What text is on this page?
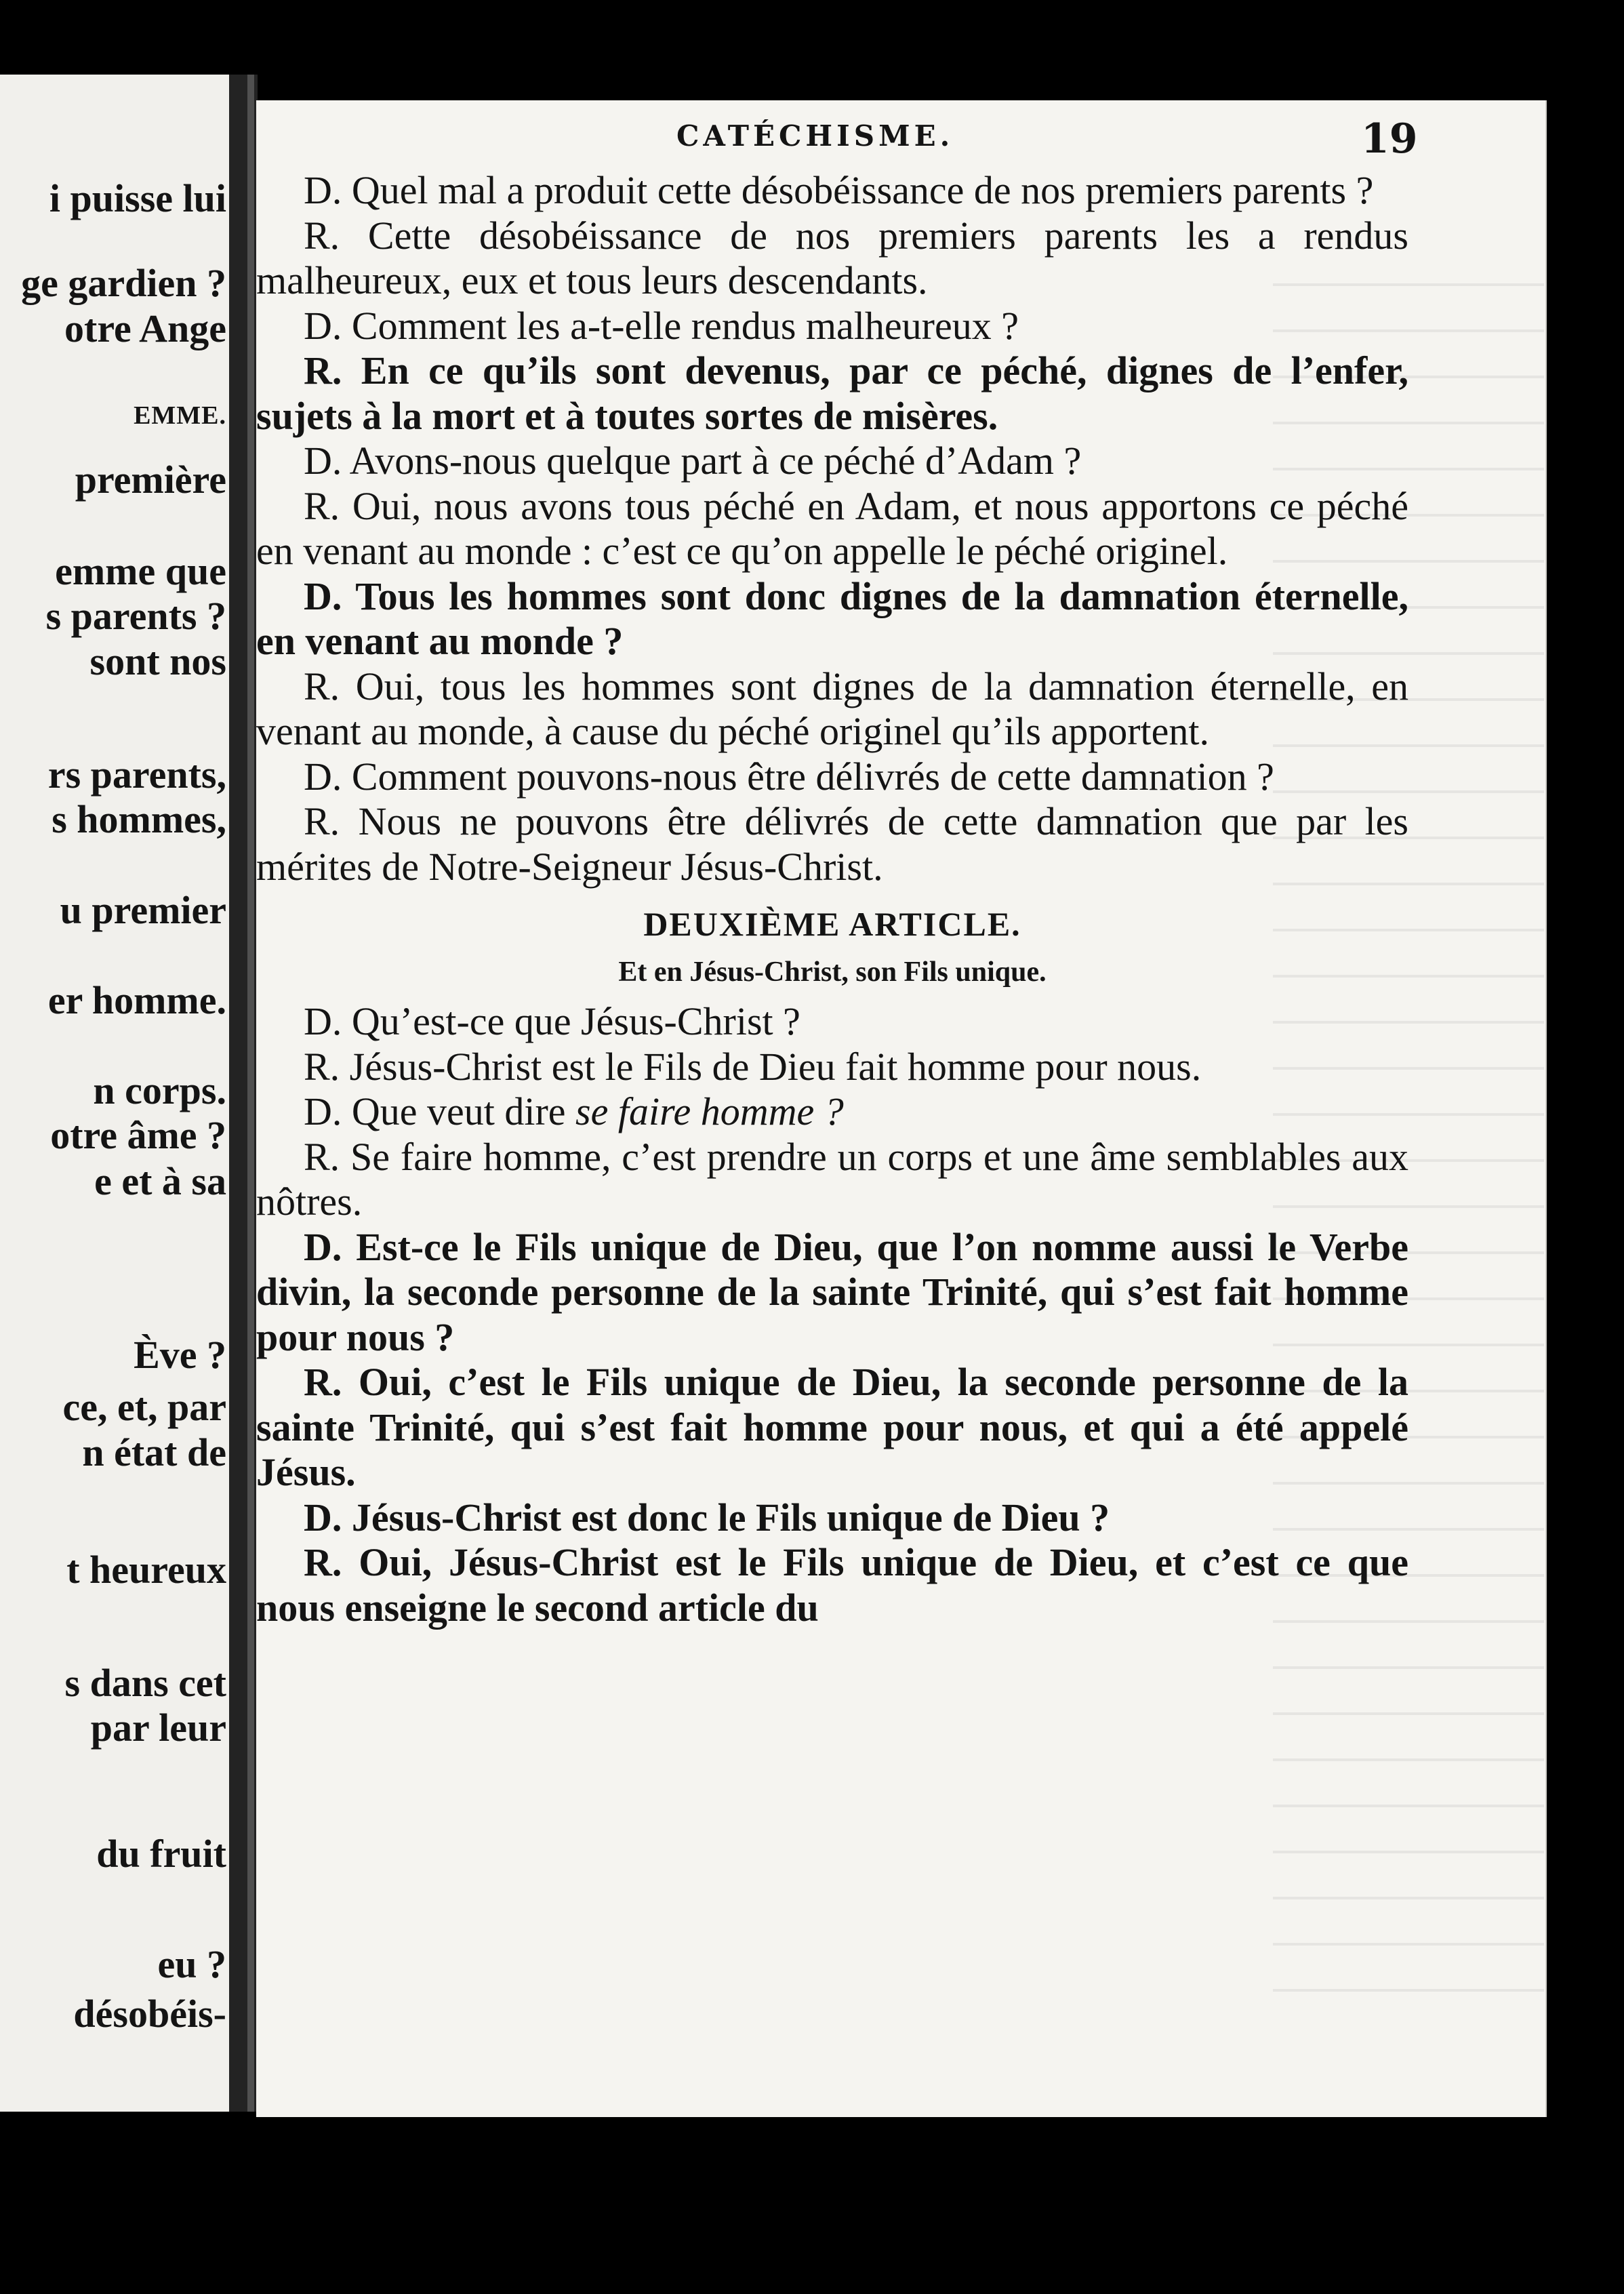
i puisse lui
ge gardien ?
otre Ange
EMME.
première
emme que
s parents ?
sont nos
rs parents,
s hommes,
u premier
er homme.
n corps.
otre âme ?
e et à sa
Ève ?
ce, et, par
n état de
t heureux
s dans cet
par leur
du fruit
eu ?
désobéis-
CATÉCHISME.	19

D. Quel mal a produit cette désobéissance de nos premiers parents ?

R. Cette désobéissance de nos premiers parents les a rendus malheureux, eux et tous leurs descendants.

D. Comment les a-t-elle rendus malheureux ?

R. En ce qu’ils sont devenus, par ce péché, dignes de l’enfer, sujets à la mort et à toutes sortes de misères.

D. Avons-nous quelque part à ce péché d’Adam ?

R. Oui, nous avons tous péché en Adam, et nous apportons ce péché en venant au monde : c’est ce qu’on appelle le péché originel.

D. Tous les hommes sont donc dignes de la damnation éternelle, en venant au monde ?

R. Oui, tous les hommes sont dignes de la damnation éternelle, en venant au monde, à cause du péché originel qu’ils apportent.

D. Comment pouvons-nous être délivrés de cette damnation ?

R. Nous ne pouvons être délivrés de cette damnation que par les mérites de Notre-Seigneur Jésus-Christ.

DEUXIÈME ARTICLE.
Et en Jésus-Christ, son Fils unique.

D. Qu’est-ce que Jésus-Christ ?

R. Jésus-Christ est le Fils de Dieu fait homme pour nous.

D. Que veut dire se faire homme ?

R. Se faire homme, c’est prendre un corps et une âme semblables aux nôtres.

D. Est-ce le Fils unique de Dieu, que l’on nomme aussi le Verbe divin, la seconde personne de la sainte Trinité, qui s’est fait homme pour nous ?

R. Oui, c’est le Fils unique de Dieu, la seconde personne de la sainte Trinité, qui s’est fait homme pour nous, et qui a été appelé Jésus.

D. Jésus-Christ est donc le Fils unique de Dieu ?

R. Oui, Jésus-Christ est le Fils unique de Dieu, et c’est ce que nous enseigne le second article du
